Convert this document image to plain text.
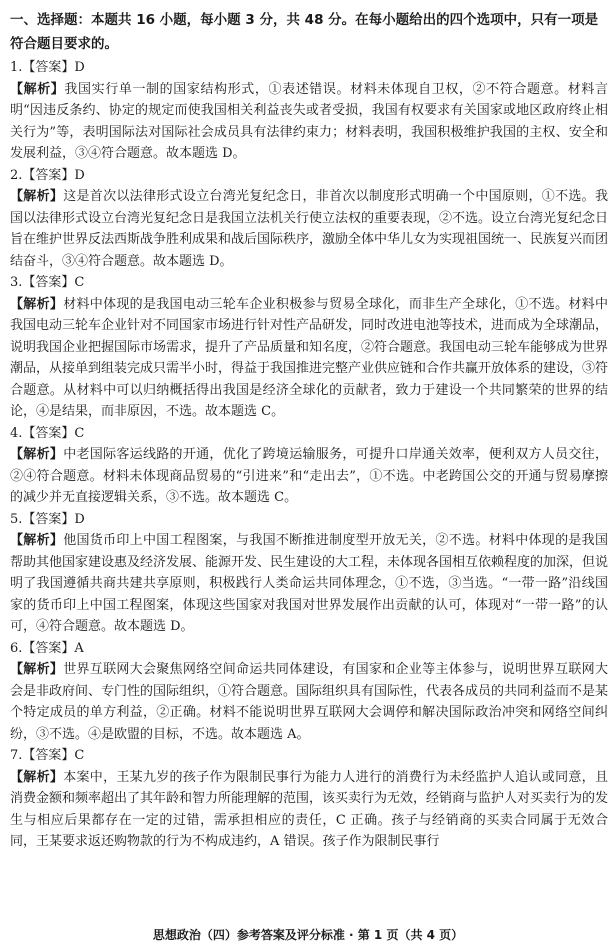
一、选择题：本题共 16 小题，每小题 3 分，共 48 分。在每小题给出的四个选项中，只有一项是符合题目要求的。
1.【答案】D
【解析】我国实行单一制的国家结构形式，①表述错误。材料未体现自卫权，②不符合题意。材料言明“因违反条约、协定的规定而使我国相关利益丧失或者受损，我国有权要求有关国家或地区政府终止相关行为”等，表明国际法对国际社会成员具有法律约束力；材料表明，我国积极维护我国的主权、安全和发展利益，③④符合题意。故本题选 D。
2.【答案】D
【解析】这是首次以法律形式设立台湾光复纪念日，非首次以制度形式明确一个中国原则，①不选。我国以法律形式设立台湾光复纪念日是我国立法机关行使立法权的重要表现，②不选。设立台湾光复纪念日旨在维护世界反法西斯战争胜利成果和战后国际秩序，激励全体中华儿女为实现祖国统一、民族复兴而团结奋斗，③④符合题意。故本题选 D。
3.【答案】C
【解析】材料中体现的是我国电动三轮车企业积极参与贸易全球化，而非生产全球化，①不选。材料中我国电动三轮车企业针对不同国家市场进行针对性产品研发，同时改进电池等技术，进而成为全球潮品，说明我国企业把握国际市场需求，提升了产品质量和知名度，②符合题意。我国电动三轮车能够成为世界潮品，从接单到组装完成只需半小时，得益于我国推进完整产业供应链和合作共赢开放体系的建设，③符合题意。从材料中可以归纳概括得出我国是经济全球化的贡献者，致力于建设一个共同繁荣的世界的结论，④是结果，而非原因，不选。故本题选 C。
4.【答案】C
【解析】中老国际客运线路的开通，优化了跨境运输服务，可提升口岸通关效率，便利双方人员交往，②④符合题意。材料未体现商品贸易的“引进来”和“走出去”，①不选。中老跨国公交的开通与贸易摩擦的减少并无直接逻辑关系，③不选。故本题选 C。
5.【答案】D
【解析】他国货币印上中国工程图案，与我国不断推进制度型开放无关，②不选。材料中体现的是我国帮助其他国家建设惠及经济发展、能源开发、民生建设的大工程，未体现各国相互依赖程度的加深，但说明了我国遵循共商共建共享原则，积极践行人类命运共同体理念，①不选，③当选。“一带一路”沿线国家的货币印上中国工程图案，体现这些国家对我国对世界发展作出贡献的认可，体现对“一带一路”的认可，④符合题意。故本题选 D。
6.【答案】A
【解析】世界互联网大会聚焦网络空间命运共同体建设，有国家和企业等主体参与，说明世界互联网大会是非政府间、专门性的国际组织，①符合题意。国际组织具有国际性，代表各成员的共同利益而不是某个特定成员的单方利益，②正确。材料不能说明世界互联网大会调停和解决国际政治冲突和网络空间纠纷，③不选。④是欧盟的目标，不选。故本题选 A。
7.【答案】C
【解析】本案中，王某九岁的孩子作为限制民事行为能力人进行的消费行为未经监护人追认或同意，且消费金额和频率超出了其年龄和智力所能理解的范围，该买卖行为无效，经销商与监护人对买卖行为的发生与相应后果都存在一定的过错，需承担相应的责任，C 正确。孩子与经销商的买卖合同属于无效合同，王某要求返还购物款的行为不构成违约，A 错误。孩子作为限制民事行
思想政治（四）参考答案及评分标准 · 第 1 页（共 4 页）
